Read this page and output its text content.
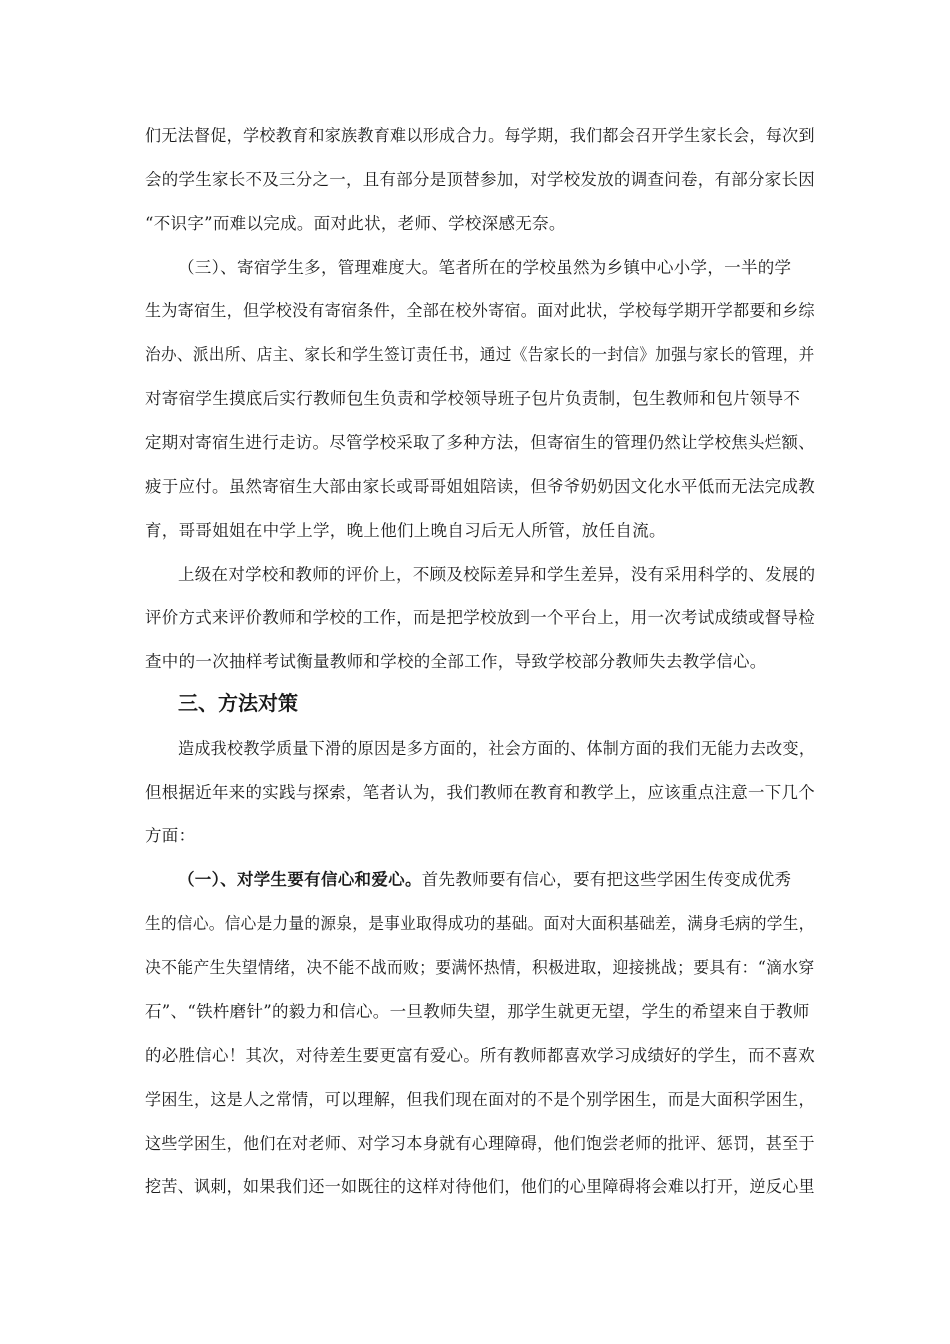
们无法督促，学校教育和家族教育难以形成合力。每学期，我们都会召开学生家长会，每次到
会的学生家长不及三分之一，且有部分是顶替参加，对学校发放的调查问卷，有部分家长因
“不识字”而难以完成。面对此状，老师、学校深感无奈。
（三）、寄宿学生多，管理难度大。笔者所在的学校虽然为乡镇中心小学，一半的学
生为寄宿生，但学校没有寄宿条件，全部在校外寄宿。面对此状，学校每学期开学都要和乡综
治办、派出所、店主、家长和学生签订责任书，通过《告家长的一封信》加强与家长的管理，并
对寄宿学生摸底后实行教师包生负责和学校领导班子包片负责制，包生教师和包片领导不
定期对寄宿生进行走访。尽管学校采取了多种方法，但寄宿生的管理仍然让学校焦头烂额、
疲于应付。虽然寄宿生大部由家长或哥哥姐姐陪读，但爷爷奶奶因文化水平低而无法完成教
育，哥哥姐姐在中学上学，晚上他们上晚自习后无人所管，放任自流。
上级在对学校和教师的评价上，不顾及校际差异和学生差异，没有采用科学的、发展的
评价方式来评价教师和学校的工作，而是把学校放到一个平台上，用一次考试成绩或督导检
查中的一次抽样考试衡量教师和学校的全部工作，导致学校部分教师失去教学信心。
三、方法对策
造成我校教学质量下滑的原因是多方面的，社会方面的、体制方面的我们无能力去改变，
但根据近年来的实践与探索，笔者认为，我们教师在教育和教学上，应该重点注意一下几个
方面：
（一）、对学生要有信心和爱心。首先教师要有信心，要有把这些学困生传变成优秀
生的信心。信心是力量的源泉，是事业取得成功的基础。面对大面积基础差，满身毛病的学生，
决不能产生失望情绪，决不能不战而败；要满怀热情，积极进取，迎接挑战；要具有：“滴水穿
石”、“铁杵磨针”的毅力和信心。一旦教师失望，那学生就更无望，学生的希望来自于教师
的必胜信心！其次，对待差生要更富有爱心。所有教师都喜欢学习成绩好的学生，而不喜欢
学困生，这是人之常情，可以理解，但我们现在面对的不是个别学困生，而是大面积学困生，
这些学困生，他们在对老师、对学习本身就有心理障碍，他们饱尝老师的批评、惩罚，甚至于
挖苦、讽刺，如果我们还一如既往的这样对待他们，他们的心里障碍将会难以打开，逆反心里
